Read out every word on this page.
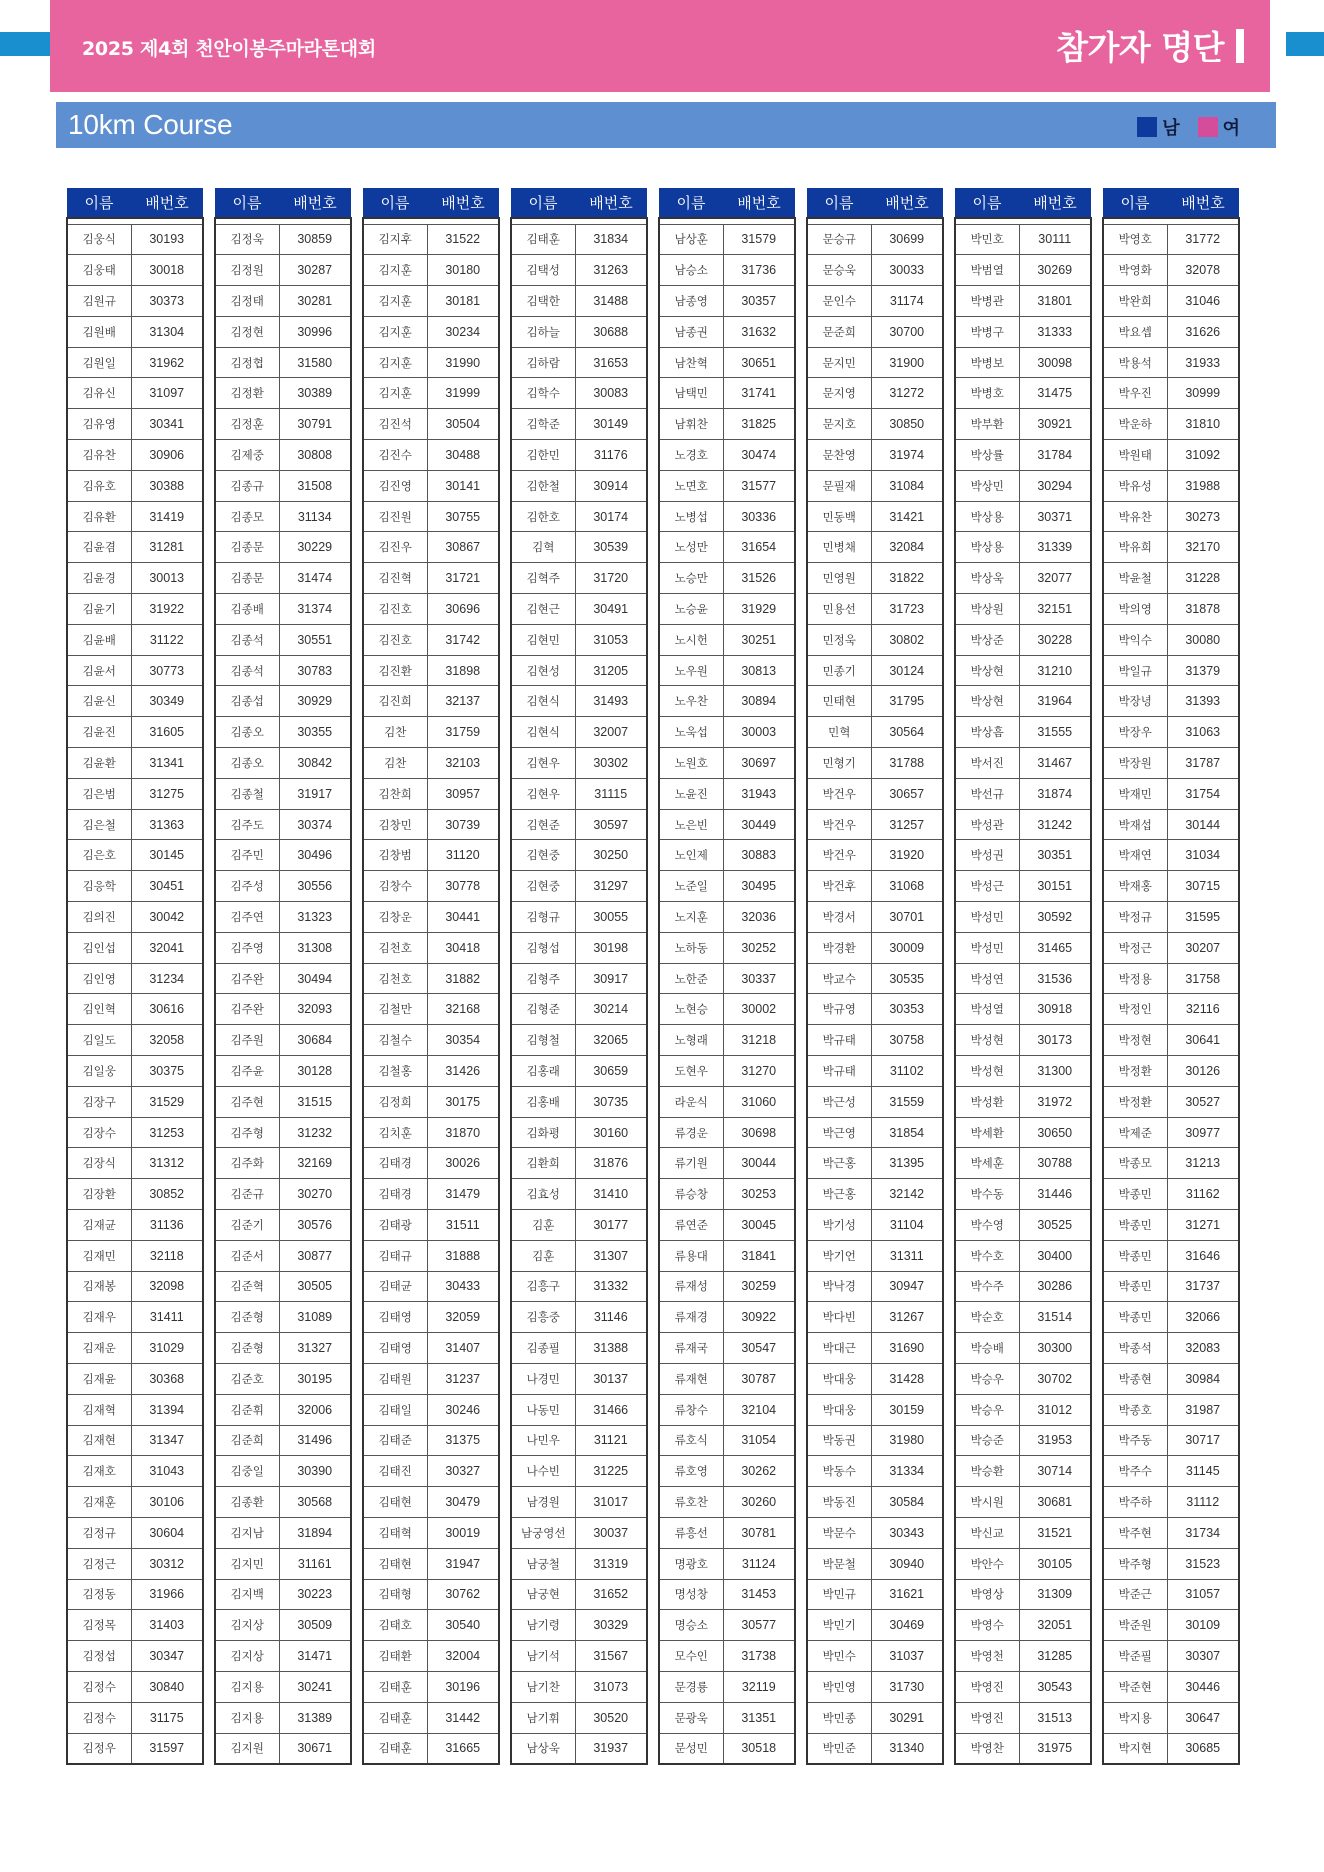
2025 제4회 천안이봉주마라톤대회	참가자 명단
10km Course	남 여
이름	배번호

김웅식	30193
김웅태	30018
김원규	30373
김원배	31304
김원일	31962
김유신	31097
김유영	30341
김유찬	30906
김유호	30388
김유환	31419
김윤겸	31281
김윤경	30013
김윤기	31922
김윤배	31122
김윤서	30773
김윤신	30349
김윤진	31605
김윤환	31341
김은범	31275
김은철	31363
김은호	30145
김응학	30451
김의진	30042
김인섭	32041
김인영	31234
김인혁	30616
김일도	32058
김일웅	30375
김장구	31529
김장수	31253
김장식	31312
김장환	30852
김재균	31136
김재민	32118
김재봉	32098
김재우	31411
김재운	31029
김재윤	30368
김재혁	31394
김재현	31347
김재호	31043
김재훈	30106
김정규	30604
김정근	30312
김정동	31966
김정목	31403
김정섭	30347
김정수	30840
김정수	31175
김정우	31597
이름	배번호

김정욱	30859
김정원	30287
김정태	30281
김정현	30996
김정협	31580
김정환	30389
김정훈	30791
김제중	30808
김종규	31508
김종모	31134
김종문	30229
김종문	31474
김종배	31374
김종석	30551
김종석	30783
김종섭	30929
김종오	30355
김종오	30842
김종철	31917
김주도	30374
김주민	30496
김주성	30556
김주연	31323
김주영	31308
김주완	30494
김주완	32093
김주원	30684
김주윤	30128
김주현	31515
김주형	31232
김주화	32169
김준규	30270
김준기	30576
김준서	30877
김준혁	30505
김준형	31089
김준형	31327
김준호	30195
김준휘	32006
김준희	31496
김중일	30390
김종환	30568
김지남	31894
김지민	31161
김지백	30223
김지상	30509
김지상	31471
김지용	30241
김지용	31389
김지원	30671
이름	배번호

김지후	31522
김지훈	30180
김지훈	30181
김지훈	30234
김지훈	31990
김지훈	31999
김진석	30504
김진수	30488
김진영	30141
김진원	30755
김진우	30867
김진혁	31721
김진호	30696
김진호	31742
김진환	31898
김진희	32137
김찬	31759
김찬	32103
김찬희	30957
김창민	30739
김창범	31120
김창수	30778
김창운	30441
김천호	30418
김천호	31882
김철만	32168
김철수	30354
김철홍	31426
김정희	30175
김치훈	31870
김태경	30026
김태경	31479
김태광	31511
김태규	31888
김태균	30433
김태영	32059
김태영	31407
김태원	31237
김태일	30246
김태준	31375
김태진	30327
김태현	30479
김태혁	30019
김태현	31947
김태형	30762
김태호	30540
김태환	32004
김태훈	30196
김태훈	31442
김태훈	31665
이름	배번호

김태훈	31834
김택성	31263
김택한	31488
김하늘	30688
김하람	31653
김학수	30083
김학준	30149
김한민	31176
김한철	30914
김한호	30174
김혁	30539
김혁주	31720
김현근	30491
김현민	31053
김현성	31205
김현식	31493
김현식	32007
김현우	30302
김현우	31115
김현준	30597
김현중	30250
김현중	31297
김형규	30055
김형섭	30198
김형주	30917
김형준	30214
김형철	32065
김홍래	30659
김홍배	30735
김화평	30160
김환희	31876
김효성	31410
김훈	30177
김훈	31307
김흥구	31332
김흥중	31146
김종필	31388
나경민	30137
나동민	31466
나민우	31121
나수빈	31225
남경원	31017
남궁영선	30037
남궁철	31319
남궁현	31652
남기령	30329
남기석	31567
남기찬	31073
남기휘	30520
남상욱	31937
이름	배번호

남상훈	31579
남승소	31736
남종영	30357
남종권	31632
남찬혁	30651
남택민	31741
남휘찬	31825
노경호	30474
노면호	31577
노병섭	30336
노성만	31654
노승만	31526
노승윤	31929
노시헌	30251
노우원	30813
노우찬	30894
노욱섭	30003
노원호	30697
노윤진	31943
노은빈	30449
노인제	30883
노준일	30495
노지훈	32036
노하동	30252
노한준	30337
노현승	30002
노형래	31218
도현우	31270
라운식	31060
류경운	30698
류기원	30044
류승창	30253
류연준	30045
류용대	31841
류재성	30259
류재경	30922
류재국	30547
류재현	30787
류창수	32104
류호식	31054
류호영	30262
류호찬	30260
류흥선	30781
명광호	31124
명성창	31453
명승소	30577
모수인	31738
문경룡	32119
문광욱	31351
문성민	30518
이름	배번호

문승규	30699
문승욱	30033
문인수	31174
문준희	30700
문지민	31900
문지영	31272
문지호	30850
문찬영	31974
문필재	31084
민동백	31421
민병채	32084
민영원	31822
민용선	31723
민정욱	30802
민종기	30124
민태현	31795
민혁	30564
민형기	31788
박건우	30657
박건우	31257
박건우	31920
박건후	31068
박경서	30701
박경환	30009
박교수	30535
박규영	30353
박규태	30758
박규태	31102
박근성	31559
박근영	31854
박근홍	31395
박근홍	32142
박기성	31104
박기언	31311
박낙경	30947
박다빈	31267
박대근	31690
박대웅	31428
박대웅	30159
박동권	31980
박동수	31334
박동진	30584
박문수	30343
박문철	30940
박민규	31621
박민기	30469
박민수	31037
박민영	31730
박민종	30291
박민준	31340
이름	배번호

박민호	30111
박범열	30269
박병관	31801
박병구	31333
박병보	30098
박병호	31475
박부환	30921
박상률	31784
박상민	30294
박상용	30371
박상용	31339
박상욱	32077
박상원	32151
박상준	30228
박상현	31210
박상현	31964
박상흠	31555
박서진	31467
박선규	31874
박성관	31242
박성권	30351
박성근	30151
박성민	30592
박성민	31465
박성연	31536
박성열	30918
박성현	30173
박성현	31300
박성환	31972
박세환	30650
박세훈	30788
박수동	31446
박수영	30525
박수호	30400
박수주	30286
박순호	31514
박승배	30300
박승우	30702
박승우	31012
박승준	31953
박승환	30714
박시원	30681
박신교	31521
박안수	30105
박영상	31309
박영수	32051
박영천	31285
박영진	30543
박영진	31513
박영찬	31975
이름	배번호

박영호	31772
박영화	32078
박완희	31046
박요셉	31626
박용석	31933
박우진	30999
박운하	31810
박원태	31092
박유성	31988
박유찬	30273
박유희	32170
박윤철	31228
박의영	31878
박익수	30080
박일규	31379
박장녕	31393
박장우	31063
박장원	31787
박재민	31754
박재섭	30144
박재연	31034
박재홍	30715
박정규	31595
박정근	30207
박정용	31758
박정인	32116
박정현	30641
박정환	30126
박정환	30527
박제준	30977
박종모	31213
박종민	31162
박종민	31271
박종민	31646
박종민	31737
박종민	32066
박종석	32083
박종현	30984
박종호	31987
박주동	30717
박주수	31145
박주하	31112
박주현	31734
박주형	31523
박준근	31057
박준원	30109
박준필	30307
박준현	30446
박지용	30647
박지현	30685
